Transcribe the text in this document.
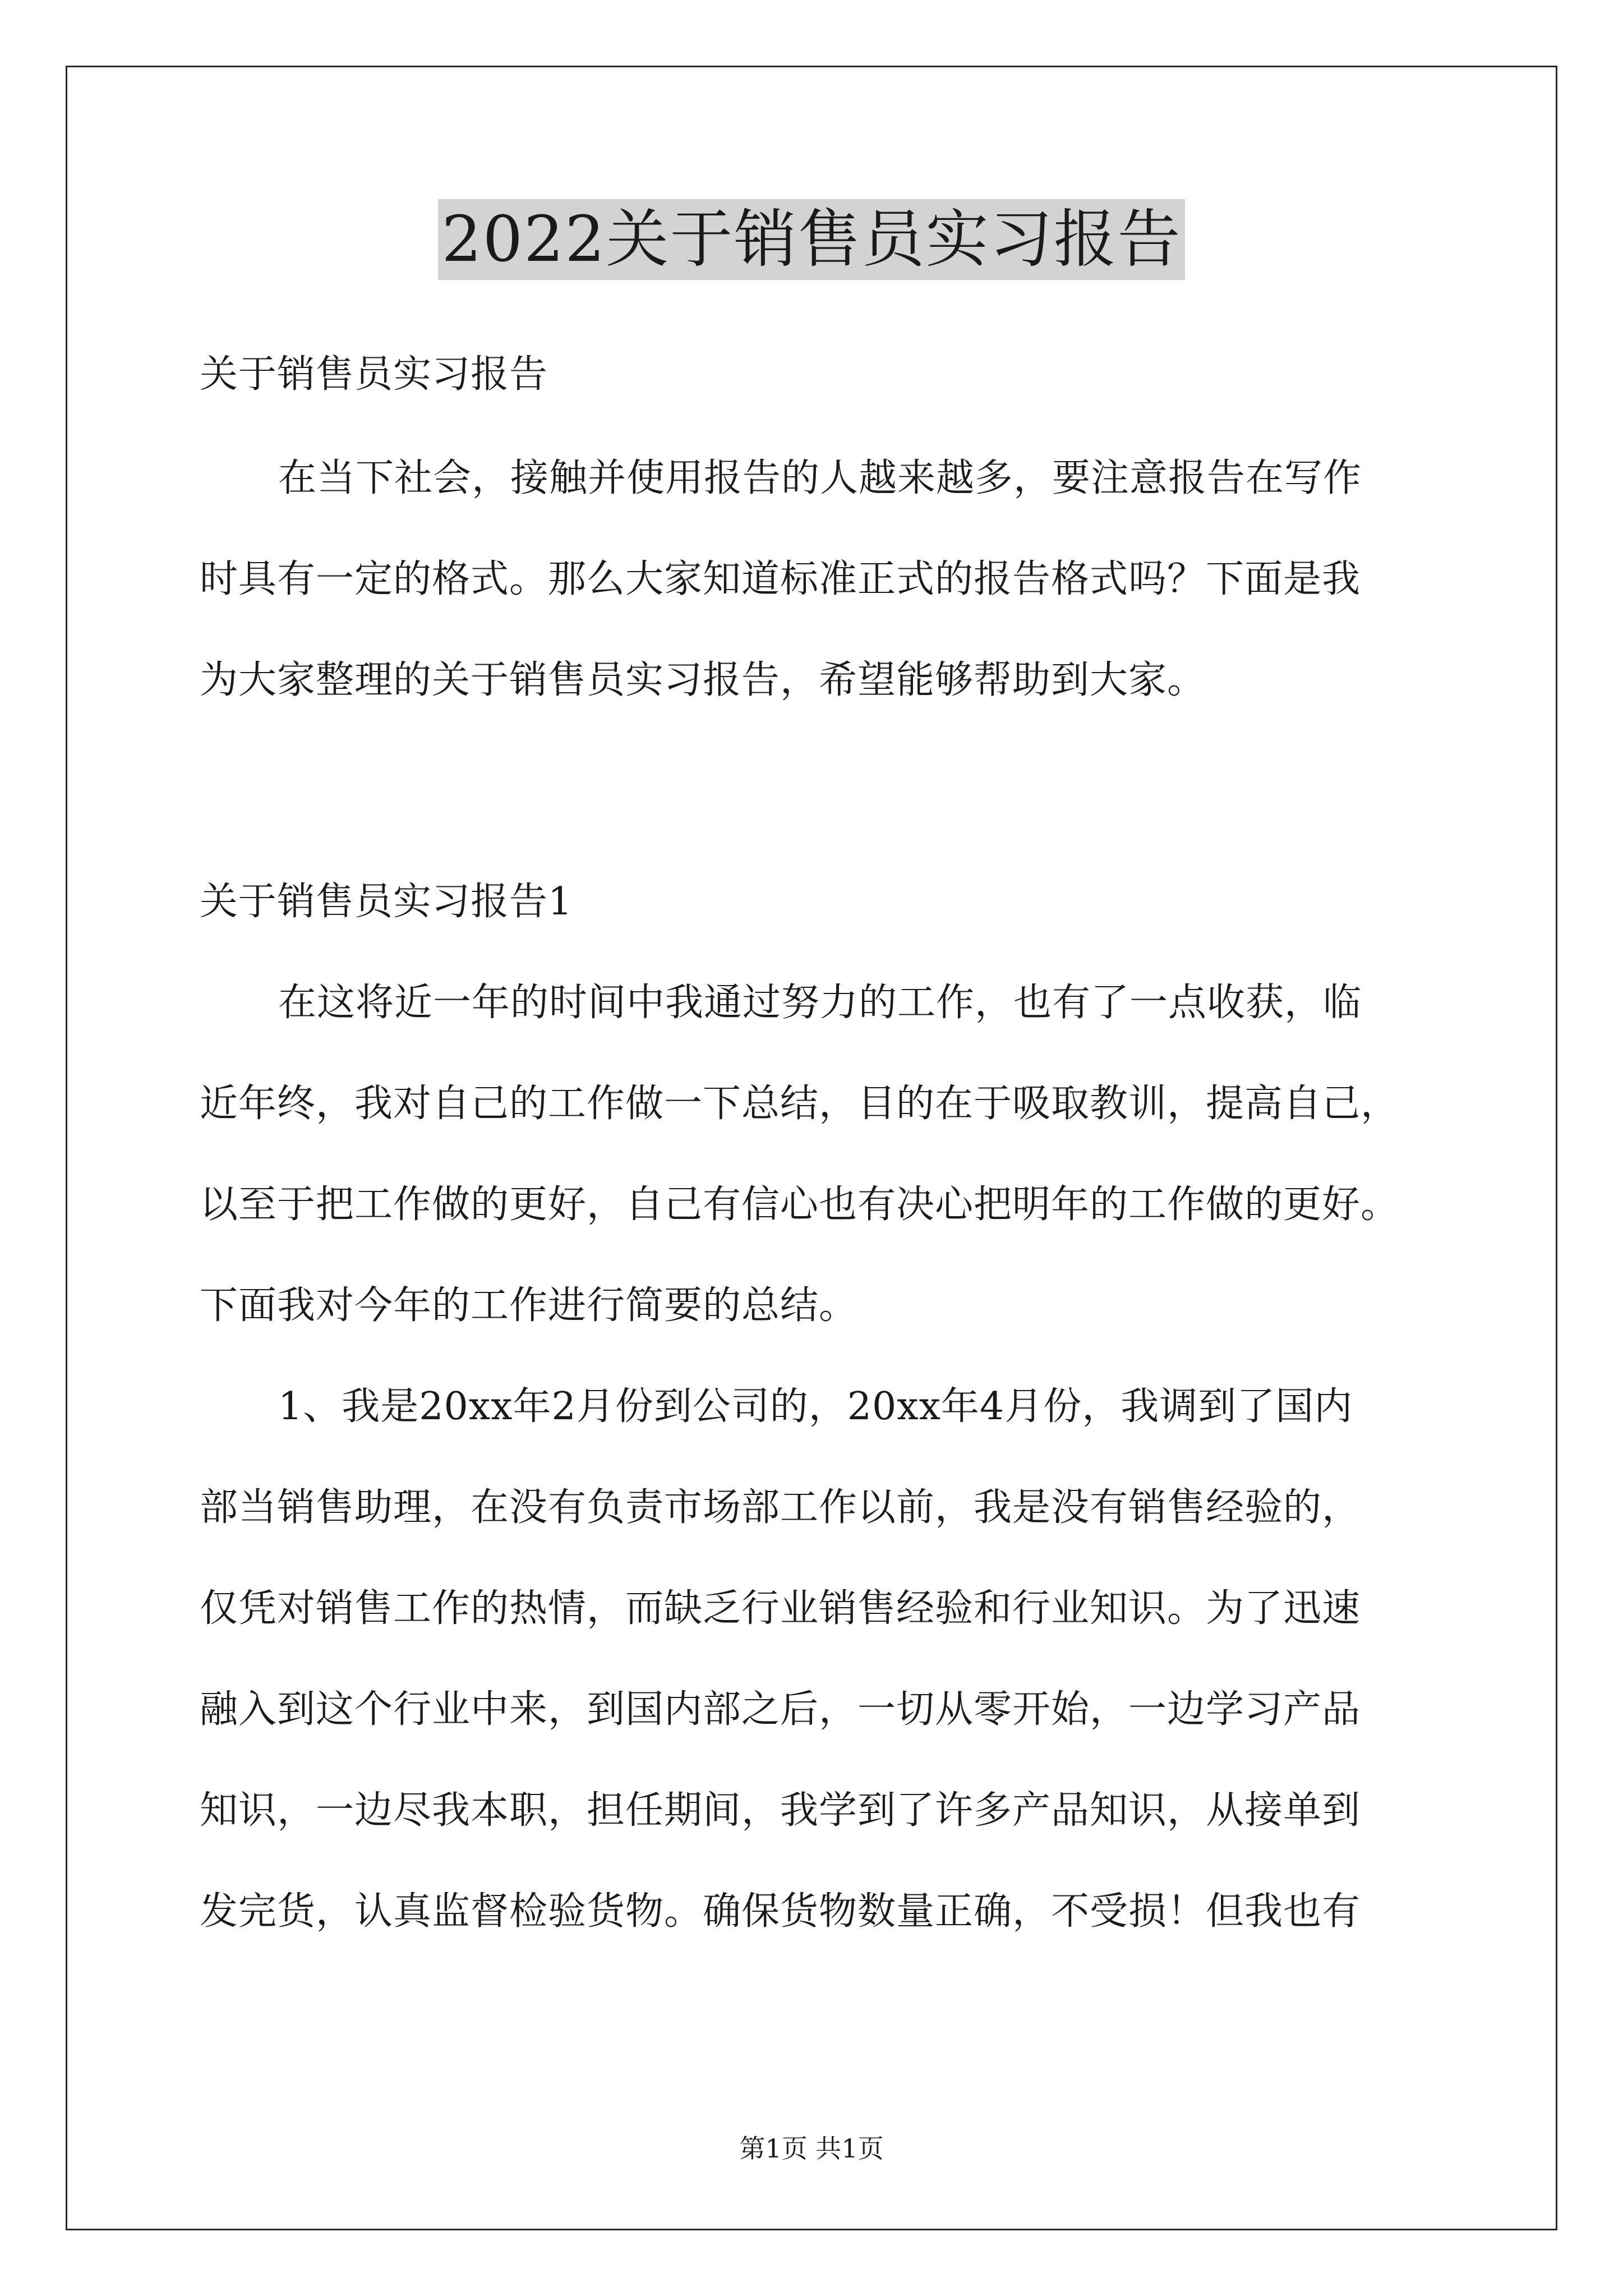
2022关于销售员实习报告
关于销售员实习报告
在当下社会，接触并使用报告的人越来越多，要注意报告在写作
时具有一定的格式。那么大家知道标准正式的报告格式吗？下面是我
为大家整理的关于销售员实习报告，希望能够帮助到大家。
关于销售员实习报告1
在这将近一年的时间中我通过努力的工作，也有了一点收获，临
近年终，我对自己的工作做一下总结，目的在于吸取教训，提高自己，
以至于把工作做的更好，自己有信心也有决心把明年的工作做的更好。
下面我对今年的工作进行简要的总结。
1、我是20xx年2月份到公司的，20xx年4月份，我调到了国内
部当销售助理，在没有负责市场部工作以前，我是没有销售经验的，
仅凭对销售工作的热情，而缺乏行业销售经验和行业知识。为了迅速
融入到这个行业中来，到国内部之后，一切从零开始，一边学习产品
知识，一边尽我本职，担任期间，我学到了许多产品知识，从接单到
发完货，认真监督检验货物。确保货物数量正确，不受损！但我也有
第1页 共1页
